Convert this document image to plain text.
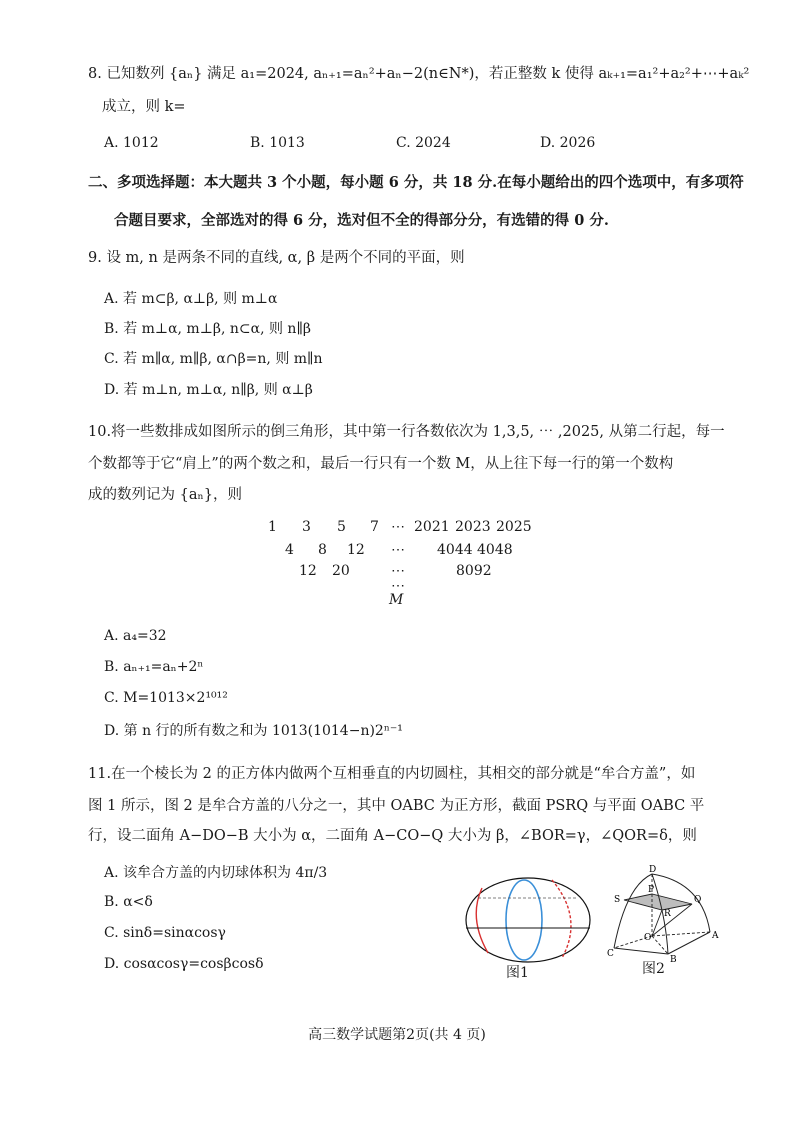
8. 已知数列 {aₙ} 满足 a₁=2024, aₙ₊₁=aₙ²+aₙ−2(n∈N*)，若正整数 k 使得 aₖ₊₁=a₁²+a₂²+⋯+aₖ²
成立，则 k=
A. 1012	B. 1013	C. 2024	D. 2026
二、多项选择题：本大题共 3 个小题，每小题 6 分，共 18 分.在每小题给出的四个选项中，有多项符
合题目要求，全部选对的得 6 分，选对但不全的得部分分，有选错的得 0 分.
9. 设 m, n 是两条不同的直线, α, β 是两个不同的平面，则
A. 若 m⊂β, α⊥β, 则 m⊥α
B. 若 m⊥α, m⊥β, n⊂α, 则 n∥β
C. 若 m∥α, m∥β, α∩β=n, 则 m∥n
D. 若 m⊥n, m⊥α, n∥β, 则 α⊥β
10.将一些数排成如图所示的倒三角形，其中第一行各数依次为 1,3,5, ⋯ ,2025, 从第二行起，每一
个数都等于它“肩上”的两个数之和，最后一行只有一个数 M，从上往下每一行的第一个数构
成的数列记为 {aₙ}，则
1 3 5 7 ⋯ 2021 2023 2025
4 8 12 ⋯ 4044 4048
12 20	⋯	8092
⋯
M
A. a₄=32
B. aₙ₊₁=aₙ+2ⁿ
C. M=1013×2¹⁰¹²
D. 第 n 行的所有数之和为 1013(1014−n)2ⁿ⁻¹
11.在一个棱长为 2 的正方体内做两个互相垂直的内切圆柱，其相交的部分就是“牟合方盖”，如
图 1 所示，图 2 是牟合方盖的八分之一，其中 OABC 为正方形，截面 PSRQ 与平面 OABC 平
行，设二面角 A−DO−B 大小为 α，二面角 A−CO−Q 大小为 β，∠BOR=γ，∠QOR=δ，则
A. 该牟合方盖的内切球体积为 4π/3
B. α<δ
C. sinδ=sinαcosγ
D. cosαcosγ=cosβcosδ
图1
D
P
Q
S
R
O	A
C
B
图2
高三数学试题第2页(共 4 页)
